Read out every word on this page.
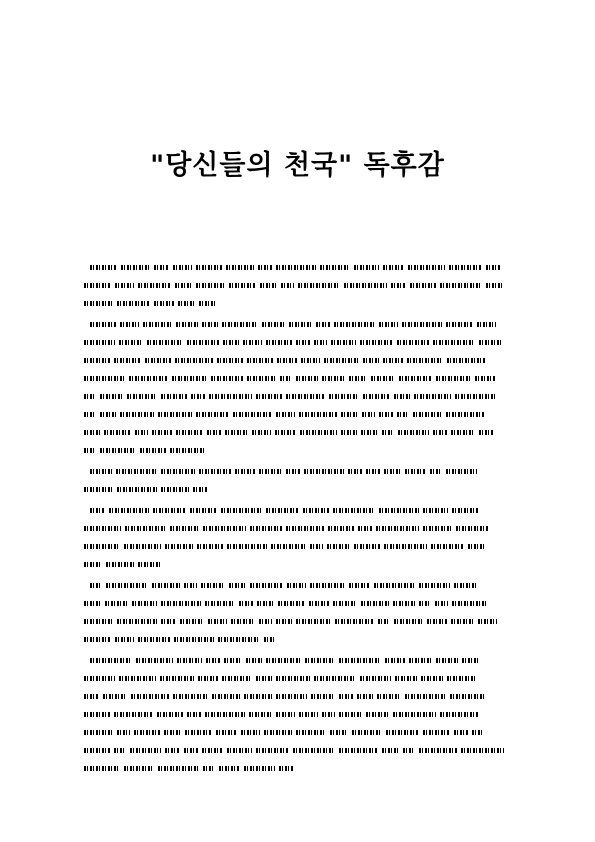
"당신들의 천국" 독후감
